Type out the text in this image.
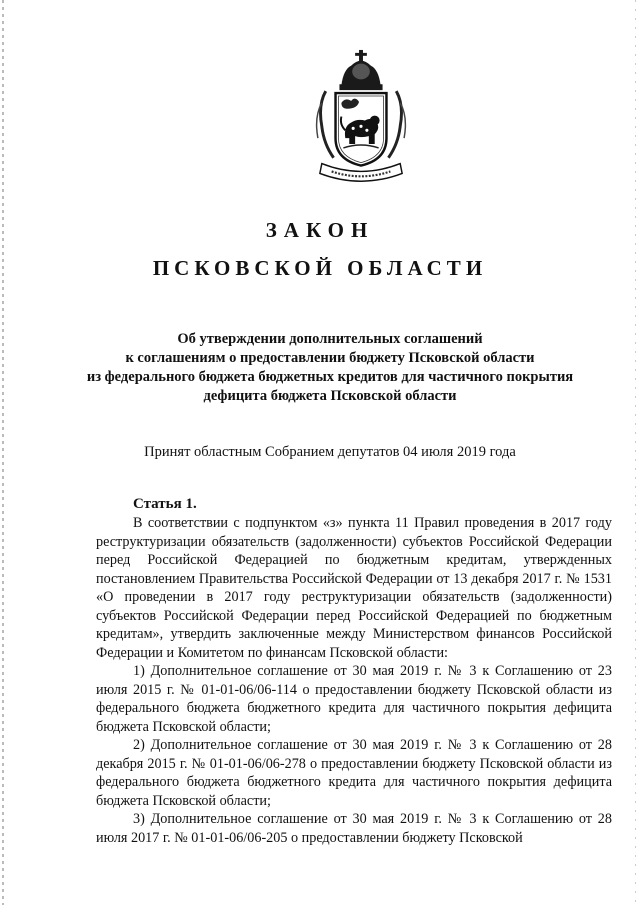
ЗАКОН
ПСКОВСКОЙ ОБЛАСТИ
Об утверждении дополнительных соглашений
к соглашениям о предоставлении бюджету Псковской области
из федерального бюджета бюджетных кредитов для частичного покрытия
дефицита бюджета Псковской области
Принят областным Собранием депутатов 04 июля 2019 года
Статья 1.

В соответствии с подпунктом «з» пункта 11 Правил проведения в 2017 году реструктуризации обязательств (задолженности) субъектов Российской Федерации перед Российской Федерацией по бюджетным кредитам, утвержденных постановлением Правительства Российской Федерации от 13 декабря 2017 г. № 1531 «О проведении в 2017 году реструктуризации обязательств (задолженности) субъектов Российской Федерации перед Российской Федерацией по бюджетным кредитам», утвердить заключенные между Министерством финансов Российской Федерации и Комитетом по финансам Псковской области:

1) Дополнительное соглашение от 30 мая 2019 г. № 3 к Соглашению от 23 июля 2015 г. № 01-01-06/06-114 о предоставлении бюджету Псковской области из федерального бюджета бюджетного кредита для частичного покрытия дефицита бюджета Псковской области;

2) Дополнительное соглашение от 30 мая 2019 г. № 3 к Соглашению от 28 декабря 2015 г. № 01-01-06/06-278 о предоставлении бюджету Псковской области из федерального бюджета бюджетного кредита для частичного покрытия дефицита бюджета Псковской области;

3) Дополнительное соглашение от 30 мая 2019 г. № 3 к Соглашению от 28 июля 2017 г. № 01-01-06/06-205 о предоставлении бюджету Псковской
